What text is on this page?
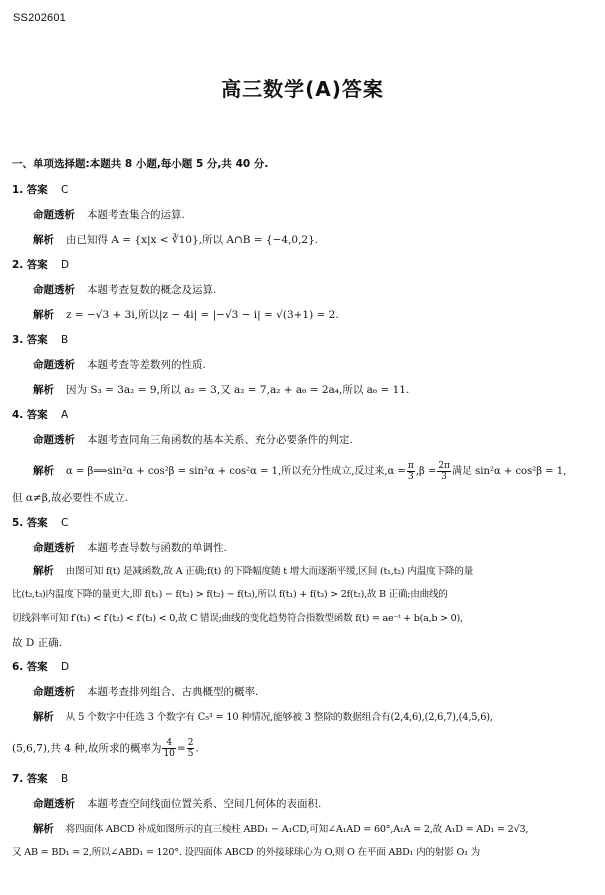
SS202601
高三数学(A)答案
一、单项选择题:本题共 8 小题,每小题 5 分,共 40 分.
1. 答案 C
命题透析 本题考查集合的运算.
解析 由已知得 A = {x|x < ∛10},所以 A∩B = {−4,0,2}.
2. 答案 D
命题透析 本题考查复数的概念及运算.
解析 z = −√3 + 3i,所以|z − 4i| = |−√3 − i| = √(3+1) = 2.
3. 答案 B
命题透析 本题考查等差数列的性质.
解析 因为 S₃ = 3a₂ = 9,所以 a₂ = 3,又 a₂ = 7,a₂ + a₆ = 2a₄,所以 a₆ = 11.
4. 答案 A
命题透析 本题考查同角三角函数的基本关系、充分必要条件的判定.
解析 α = β⟹sin²α + cos²β = sin²α + cos²α = 1,所以充分性成立,反过来$,\alpha = \frac{\pi}{3} ,\beta = \frac{2\pi}{3}$ 满足 sin²α + cos²β = 1,
但 α≠β,故必要性不成立.
5. 答案 C
命题透析 本题考查导数与函数的单调性.
解析 由图可知 f(t) 是减函数,故 A 正确;f(t) 的下降幅度随 t 增大而逐渐平缓,区间 (t₁,t₂) 内温度下降的量
比(t₂,t₃)内温度下降的量更大,即 f(t₁) − f(t₂) > f(t₂) − f(t₃),所以 f(t₁) + f(t₃) > 2f(t₂),故 B 正确;由曲线的
切线斜率可知 f′(t₁) < f′(t₂) < f′(t₃) < 0,故 C 错误;曲线的变化趋势符合指数型函数 f(t) = ae⁻ᵗ + b(a,b > 0),
故 D 正确.
6. 答案 D
命题透析 本题考查排列组合、古典概型的概率.
解析 从 5 个数字中任选 3 个数字有 C₅³ = 10 种情况,能够被 3 整除的数据组合有(2,4,6),(2,6,7),(4,5,6),
(5,6,7),共 4 种,故所求的概率为 $\frac{4}{10} = \frac{2}{5}$ .
7. 答案 B
命题透析 本题考查空间线面位置关系、空间几何体的表面积.
解析 将四面体 ABCD 补成如图所示的直三棱柱 ABD₁ − A₁CD,可知∠A₁AD = 60°,A₁A = 2,故 A₁D = AD₁ = 2√3,
又 AB = BD₁ = 2,所以∠ABD₁ = 120°. 设四面体 ABCD 的外接球球心为 O,则 O 在平面 ABD₁ 内的射影 O₁ 为
